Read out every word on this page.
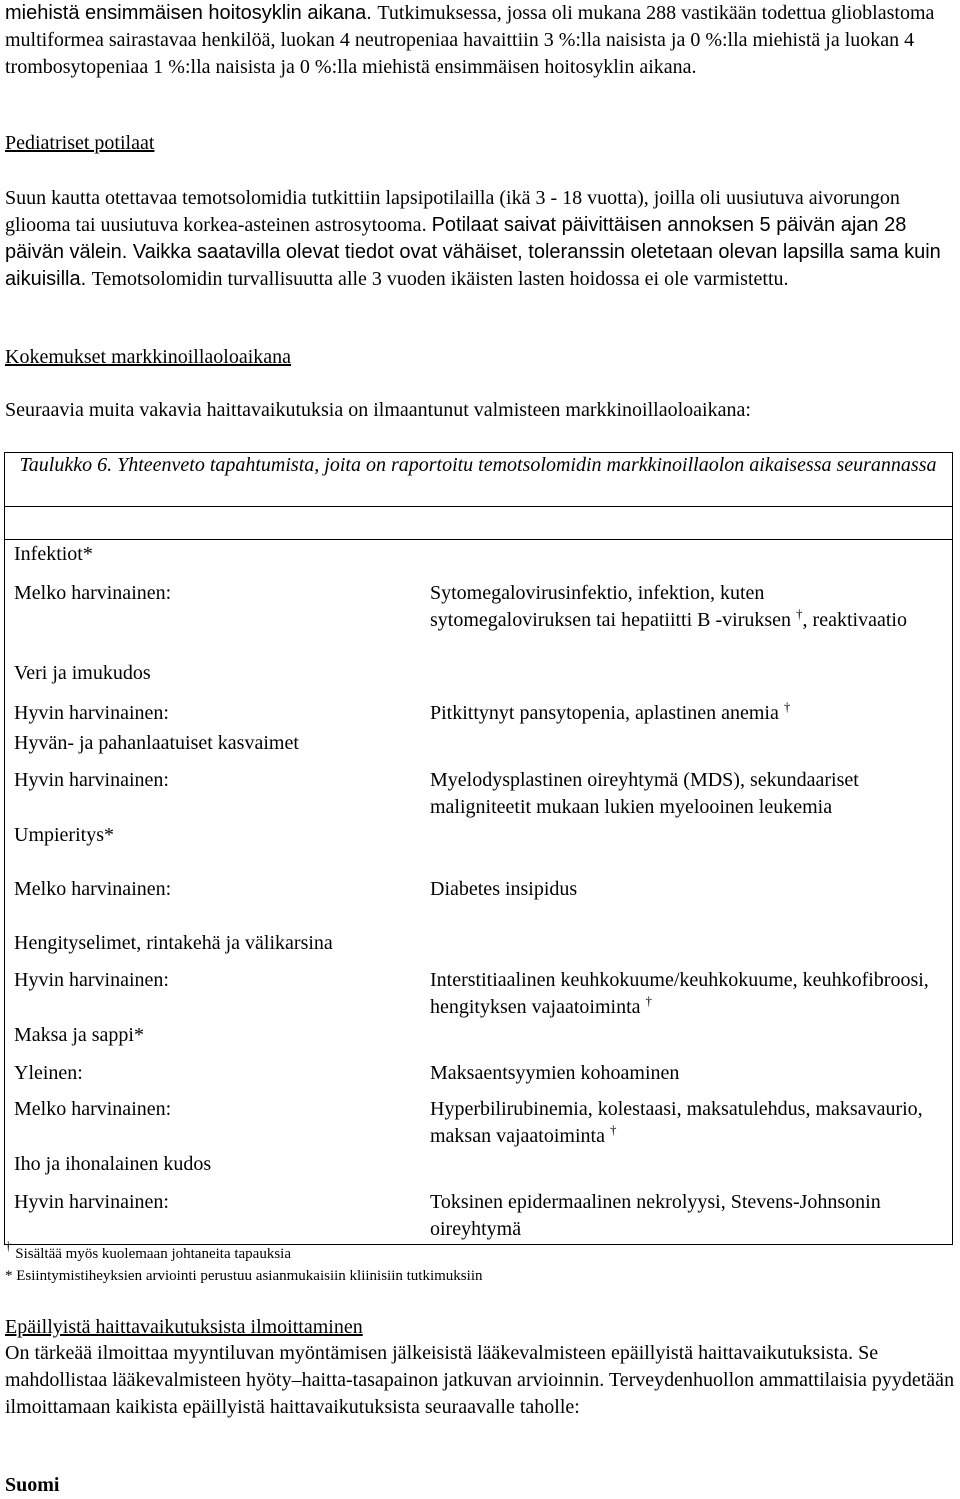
miehistä ensimmäisen hoitosyklin aikana. Tutkimuksessa, jossa oli mukana 288 vastikään todettua glioblastoma multiformea sairastavaa henkilöä, luokan 4 neutropeniaa havaittiin 3 %:lla naisista ja 0 %:lla miehistä ja luokan 4 trombosytopeniaa 1 %:lla naisista ja 0 %:lla miehistä ensimmäisen hoitosyklin aikana.

Pediatriset potilaat

Suun kautta otettavaa temotsolomidia tutkittiin lapsipotilailla (ikä 3 - 18 vuotta), joilla oli uusiutuva aivorungon gliooma tai uusiutuva korkea-asteinen astrosytooma. Potilaat saivat päivittäisen annoksen 5 päivän ajan 28 päivän välein. Vaikka saatavilla olevat tiedot ovat vähäiset, toleranssin oletetaan olevan lapsilla sama kuin aikuisilla. Temotsolomidin turvallisuutta alle 3 vuoden ikäisten lasten hoidossa ei ole varmistettu.

Kokemukset markkinoillaoloaikana
Seuraavia muita vakavia haittavaikutuksia on ilmaantunut valmisteen markkinoillaoloaikana:
Taulukko 6. Yhteenveto tapahtumista, joita on raportoitu temotsolomidin markkinoillaolon aikaisessa seurannassa
Infektiot*
Melko harvinainen:	Sytomegalovirusinfektio, infektion, kuten sytomegaloviruksen tai hepatiitti B -viruksen †, reaktivaatio
Veri ja imukudos
Hyvin harvinainen:	Pitkittynyt pansytopenia, aplastinen anemia †
Hyvän- ja pahanlaatuiset kasvaimet
Hyvin harvinainen:	Myelodysplastinen oireyhtymä (MDS), sekundaariset maligniteetit mukaan lukien myelooinen leukemia
Umpieritys*
Melko harvinainen:	Diabetes insipidus
Hengityselimet, rintakehä ja välikarsina
Hyvin harvinainen:	Interstitiaalinen keuhkokuume/keuhkokuume, keuhkofibroosi, hengityksen vajaatoiminta †
Maksa ja sappi*
Yleinen:	Maksaentsyymien kohoaminen
Melko harvinainen:	Hyperbilirubinemia, kolestaasi, maksatulehdus, maksavaurio, maksan vajaatoiminta †
Iho ja ihonalainen kudos
Hyvin harvinainen:	Toksinen epidermaalinen nekrolyysi, Stevens-Johnsonin oireyhtymä
† Sisältää myös kuolemaan johtaneita tapauksia
* Esiintymistiheyksien arviointi perustuu asianmukaisiin kliinisiin tutkimuksiin
Epäillyistä haittavaikutuksista ilmoittaminen

On tärkeää ilmoittaa myyntiluvan myöntämisen jälkeisistä lääkevalmisteen epäillyistä haittavaikutuksista. Se mahdollistaa lääkevalmisteen hyöty–haitta-tasapainon jatkuvan arvioinnin. Terveydenhuollon ammattilaisia pyydetään ilmoittamaan kaikista epäillyistä haittavaikutuksista seuraavalle taholle:

Suomi
